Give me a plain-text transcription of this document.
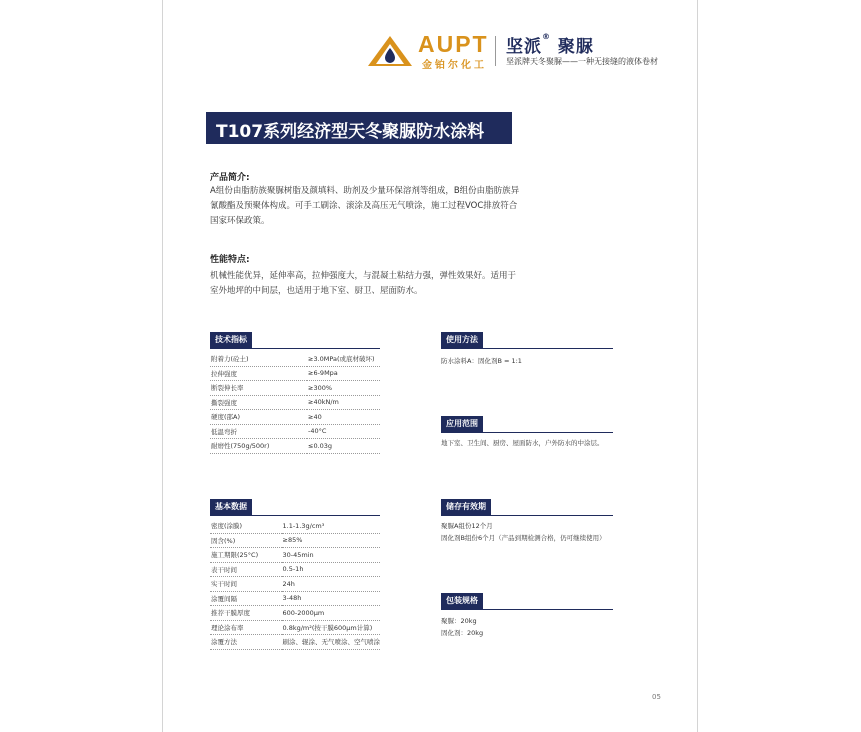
AUPT
金铂尔化工
坚派® 聚脲
坚派牌天冬聚脲——一种无接缝的液体卷材
T107系列经济型天冬聚脲防水涂料
产品简介:
A组份由脂肪族聚脲树脂及颜填料、助剂及少量环保溶剂等组成，B组份由脂肪族异氰酸酯及预聚体构成。可手工刷涂、滚涂及高压无气喷涂，施工过程VOC排放符合国家环保政策。
性能特点:
机械性能优异，延伸率高，拉伸强度大，与混凝土粘结力强，弹性效果好。适用于室外地坪的中间层，也适用于地下室、厨卫、屋面防水。
技术指标
附着力(砼土)	≥3.0MPa(或底材破坏)
拉伸强度	≥6-9Mpa
断裂伸长率	≥300%
撕裂强度	≥40kN/m
硬度(邵A)	≥40
低温弯折	-40°C
耐磨性(750g/500r)	≤0.03g
基本数据
密度(涂膜)	1.1-1.3g/cm³
固含(%)	≥85%
施工期限(25°C)	30-45min
表干时间	0.5-1h
实干时间	24h
涂覆间隔	3-48h
推荐干膜厚度	600-2000μm
理论涂布率	0.8kg/m²(按干膜600μm计算)
涂覆方法	刷涂、辊涂、无气喷涂、空气喷涂
使用方法
防水涂料A：固化剂B = 1:1
应用范围
地下室、卫生间、厨房、屋面防水，户外防水的中涂层。
储存有效期
聚脲A组份12个月
固化剂B组份6个月（产品到期检测合格，仍可继续使用）
包装规格
聚脲：20kg
固化剂：20kg
05
